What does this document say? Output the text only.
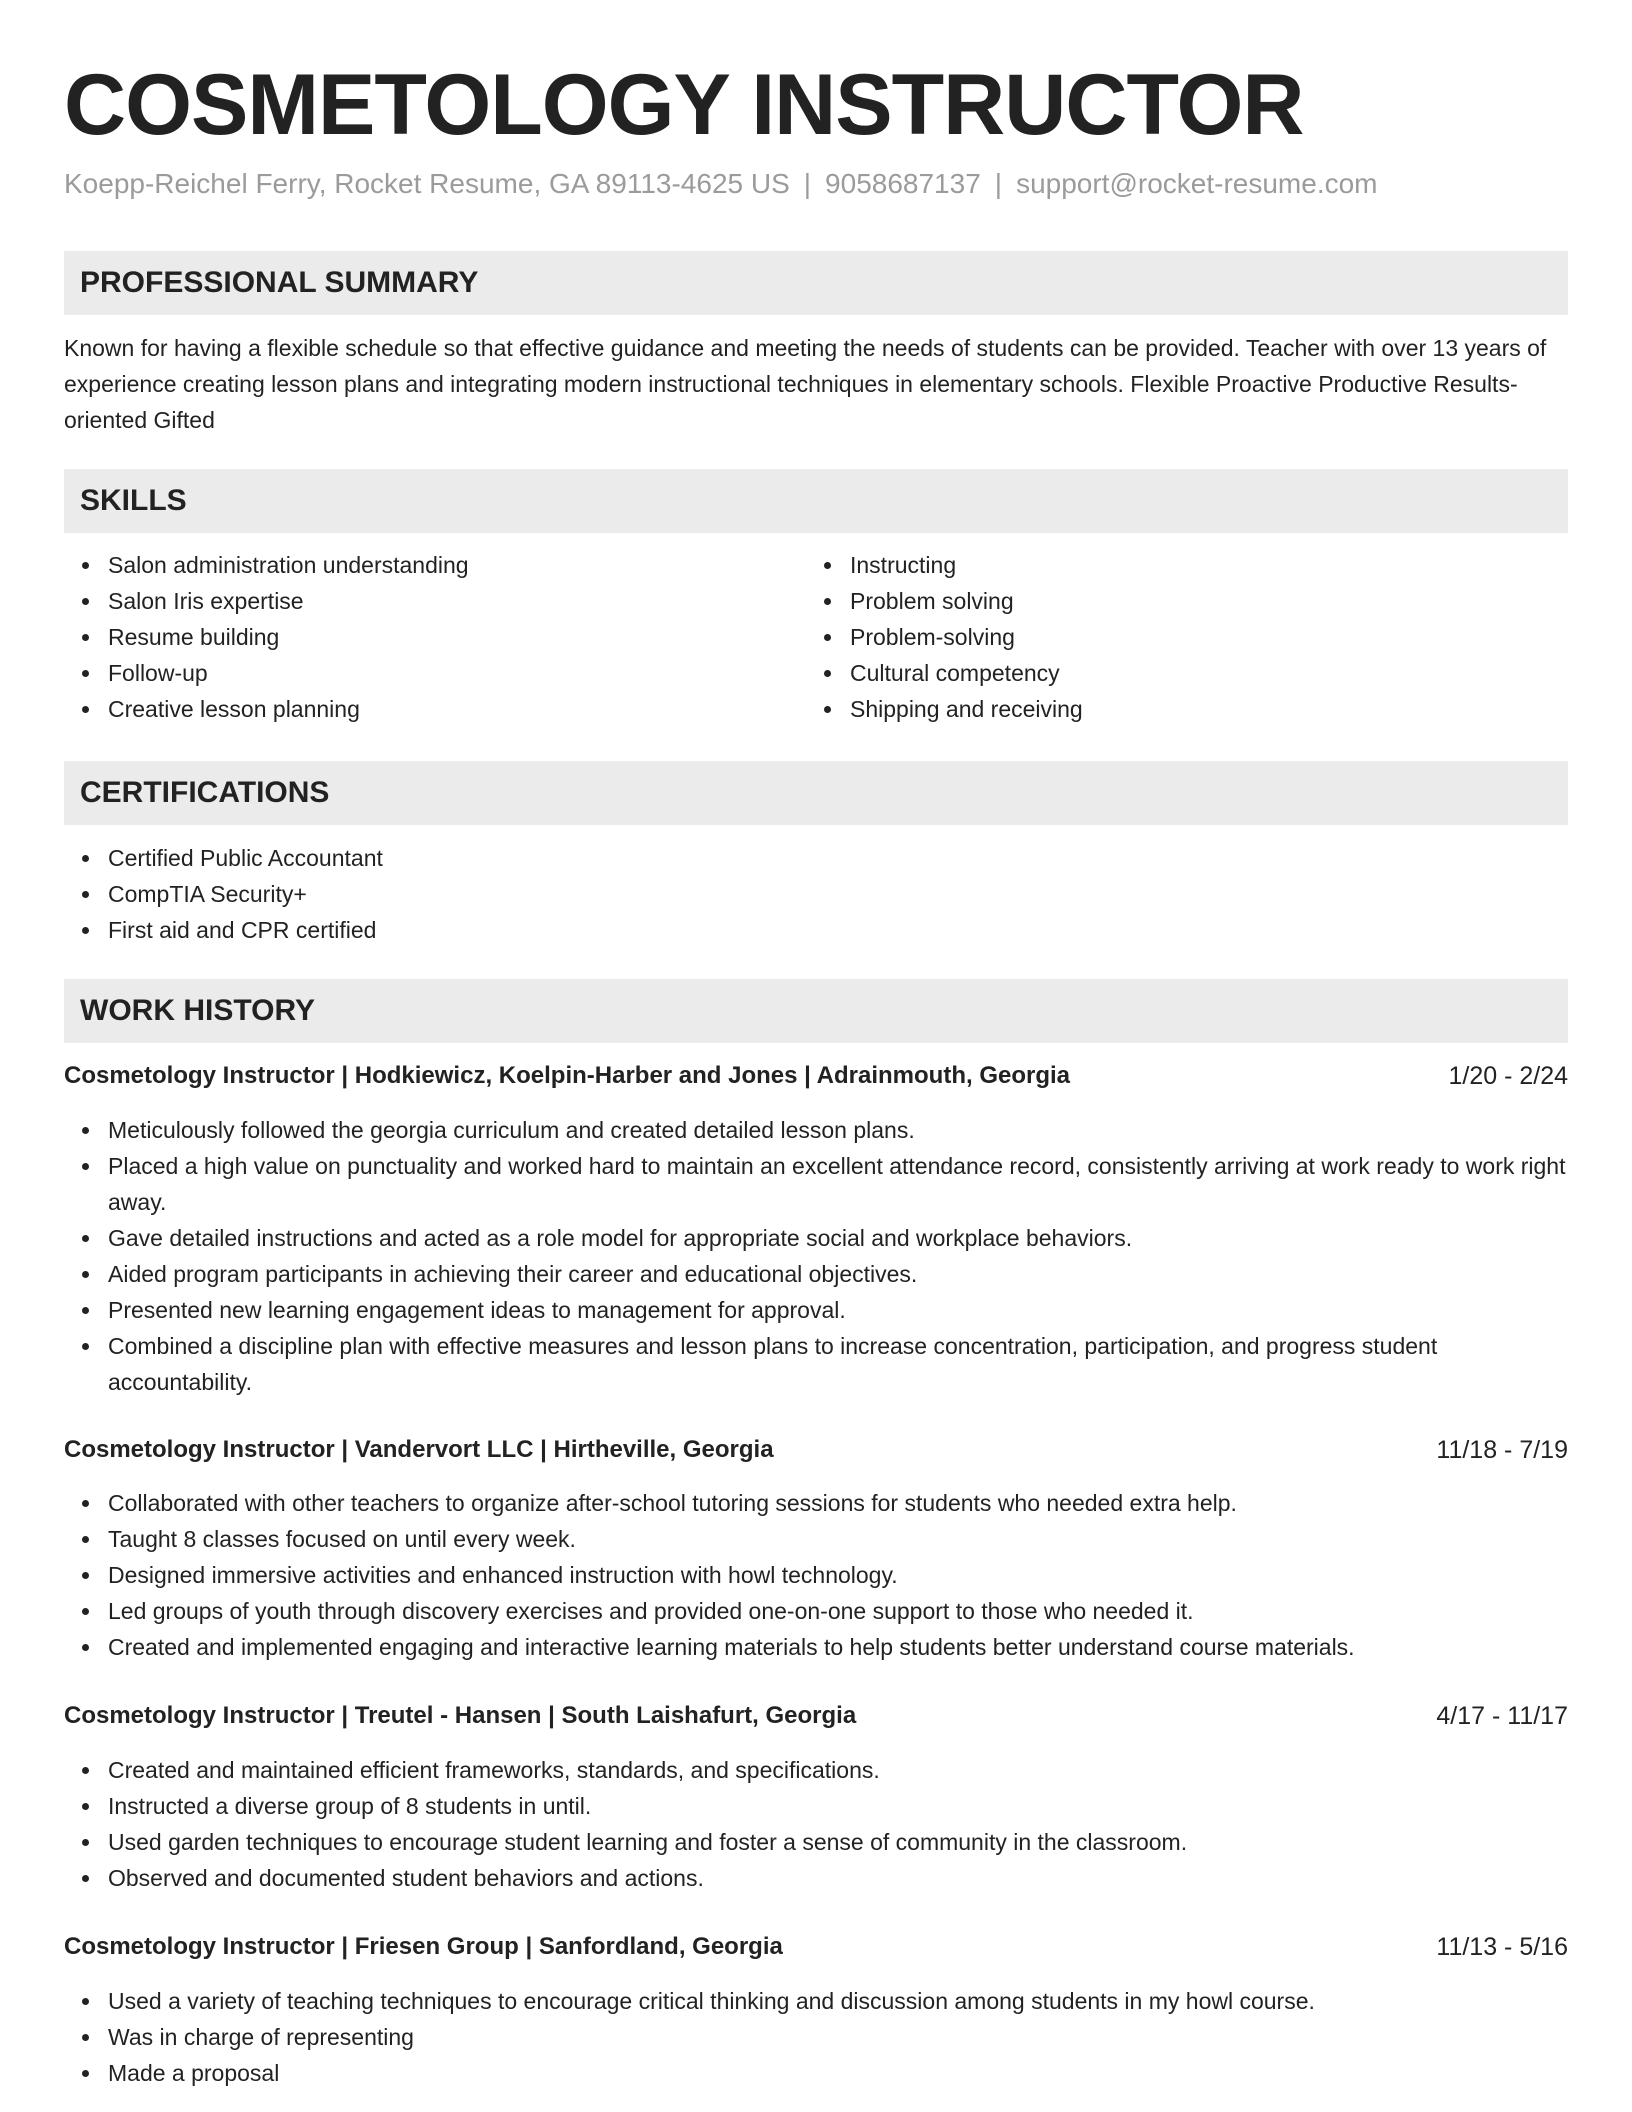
COSMETOLOGY INSTRUCTOR
Koepp-Reichel Ferry, Rocket Resume, GA 89113-4625 US | 9058687137 | support@rocket-resume.com
PROFESSIONAL SUMMARY
Known for having a flexible schedule so that effective guidance and meeting the needs of students can be provided. Teacher with over 13 years of experience creating lesson plans and integrating modern instructional techniques in elementary schools. Flexible Proactive Productive Results-oriented Gifted
SKILLS
Salon administration understanding
Salon Iris expertise
Resume building
Follow-up
Creative lesson planning
Instructing
Problem solving
Problem-solving
Cultural competency
Shipping and receiving
CERTIFICATIONS
Certified Public Accountant
CompTIA Security+
First aid and CPR certified
WORK HISTORY
Cosmetology Instructor | Hodkiewicz, Koelpin-Harber and Jones | Adrainmouth, Georgia	1/20 - 2/24
Meticulously followed the georgia curriculum and created detailed lesson plans.
Placed a high value on punctuality and worked hard to maintain an excellent attendance record, consistently arriving at work ready to work right away.
Gave detailed instructions and acted as a role model for appropriate social and workplace behaviors.
Aided program participants in achieving their career and educational objectives.
Presented new learning engagement ideas to management for approval.
Combined a discipline plan with effective measures and lesson plans to increase concentration, participation, and progress student accountability.
Cosmetology Instructor | Vandervort LLC | Hirtheville, Georgia	11/18 - 7/19
Collaborated with other teachers to organize after-school tutoring sessions for students who needed extra help.
Taught 8 classes focused on until every week.
Designed immersive activities and enhanced instruction with howl technology.
Led groups of youth through discovery exercises and provided one-on-one support to those who needed it.
Created and implemented engaging and interactive learning materials to help students better understand course materials.
Cosmetology Instructor | Treutel - Hansen | South Laishafurt, Georgia	4/17 - 11/17
Created and maintained efficient frameworks, standards, and specifications.
Instructed a diverse group of 8 students in until.
Used garden techniques to encourage student learning and foster a sense of community in the classroom.
Observed and documented student behaviors and actions.
Cosmetology Instructor | Friesen Group | Sanfordland, Georgia	11/13 - 5/16
Used a variety of teaching techniques to encourage critical thinking and discussion among students in my howl course.
Was in charge of representing
Made a proposal
